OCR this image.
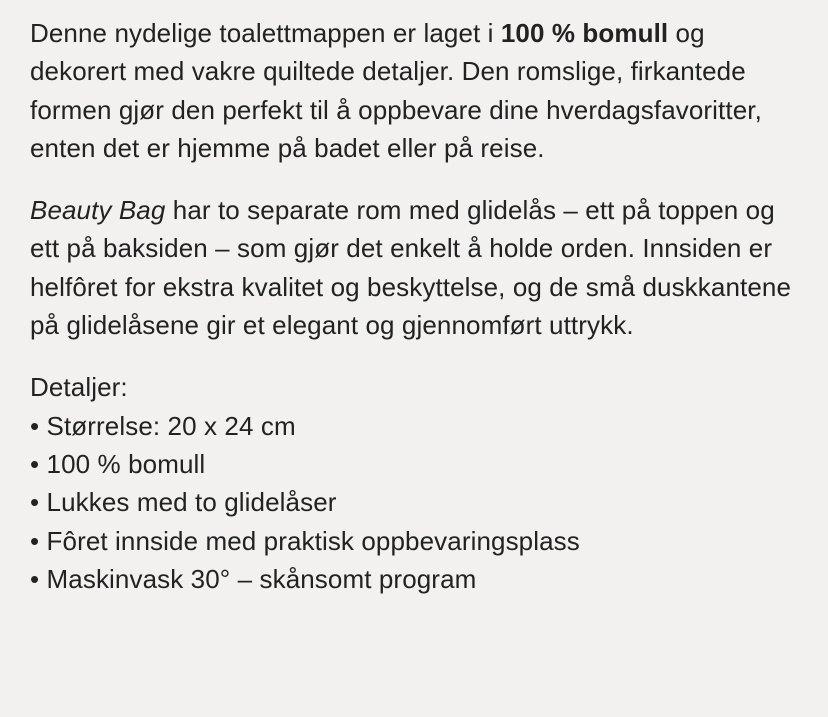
Denne nydelige toalettmappen er laget i 100 % bomull og dekorert med vakre quiltede detaljer. Den romslige, firkantede formen gjør den perfekt til å oppbevare dine hverdagsfavoritter, enten det er hjemme på badet eller på reise.

Beauty Bag har to separate rom med glidelås – ett på toppen og ett på baksiden – som gjør det enkelt å holde orden. Innsiden er helfôret for ekstra kvalitet og beskyttelse, og de små duskkantene på glidelåsene gir et elegant og gjennomført uttrykk.

Detaljer:

• Størrelse: 20 x 24 cm
• 100 % bomull
• Lukkes med to glidelåser
• Fôret innside med praktisk oppbevaringsplass
• Maskinvask 30° – skånsomt program
